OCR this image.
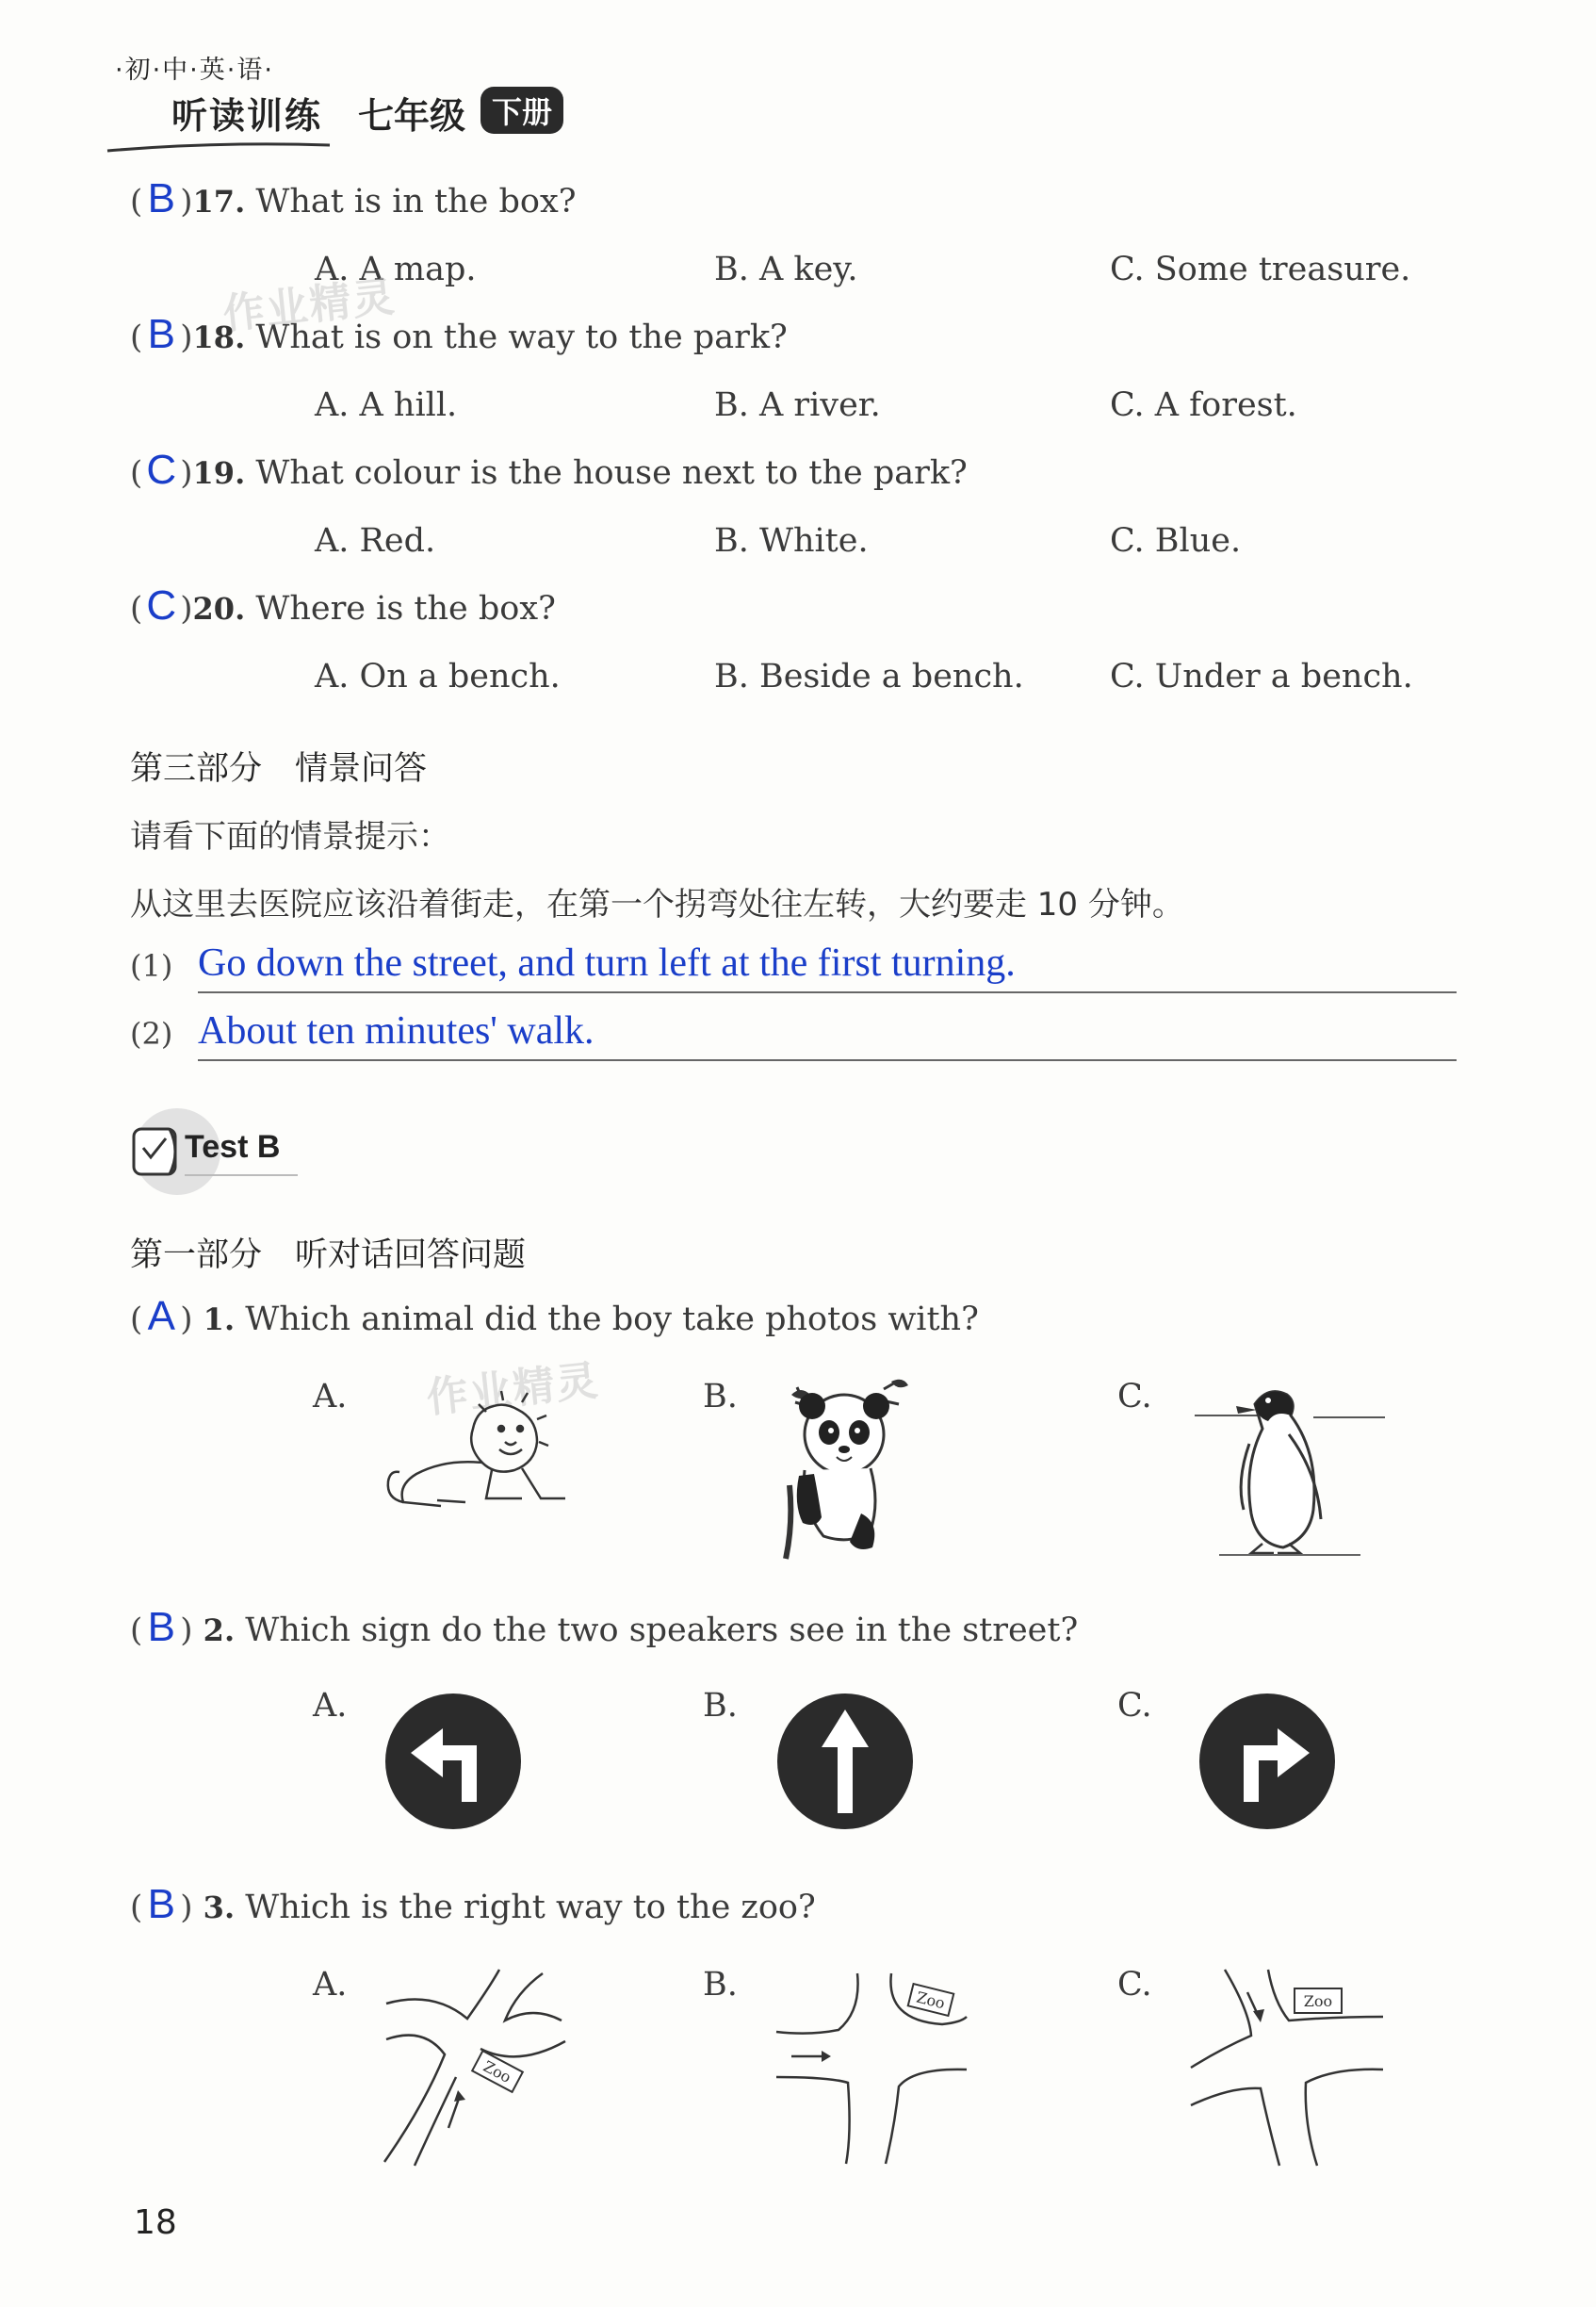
·初·中·英·语·
听读训练 七年级 下册
( B )17. What is in the box?
A. A map.	B. A key.	C. Some treasure.
( B )18. What is on the way to the park?
A. A hill.	B. A river.	C. A forest.
(C )19. What colour is the house next to the park?
A. Red.	B. White.	C. Blue.
(C )20. Where is the box?
A. On a bench.	B. Beside a bench.	C. Under a bench.
作业精灵
第三部分　情景问答
请看下面的情景提示：
从这里去医院应该沿着街走，在第一个拐弯处往左转，大约要走 10 分钟。
(1) Go down the street, and turn left at the first turning.
(2) About ten minutes' walk.
Test B
第一部分　听对话回答问题
( A ) 1. Which animal did the boy take photos with?
A.	B.	C.
作业精灵
( B ) 2. Which sign do the two speakers see in the street?
A.	B.	C.
( B ) 3. Which is the right way to the zoo?
A.	B.	C.
Zoo
Zoo	Zoo
18
